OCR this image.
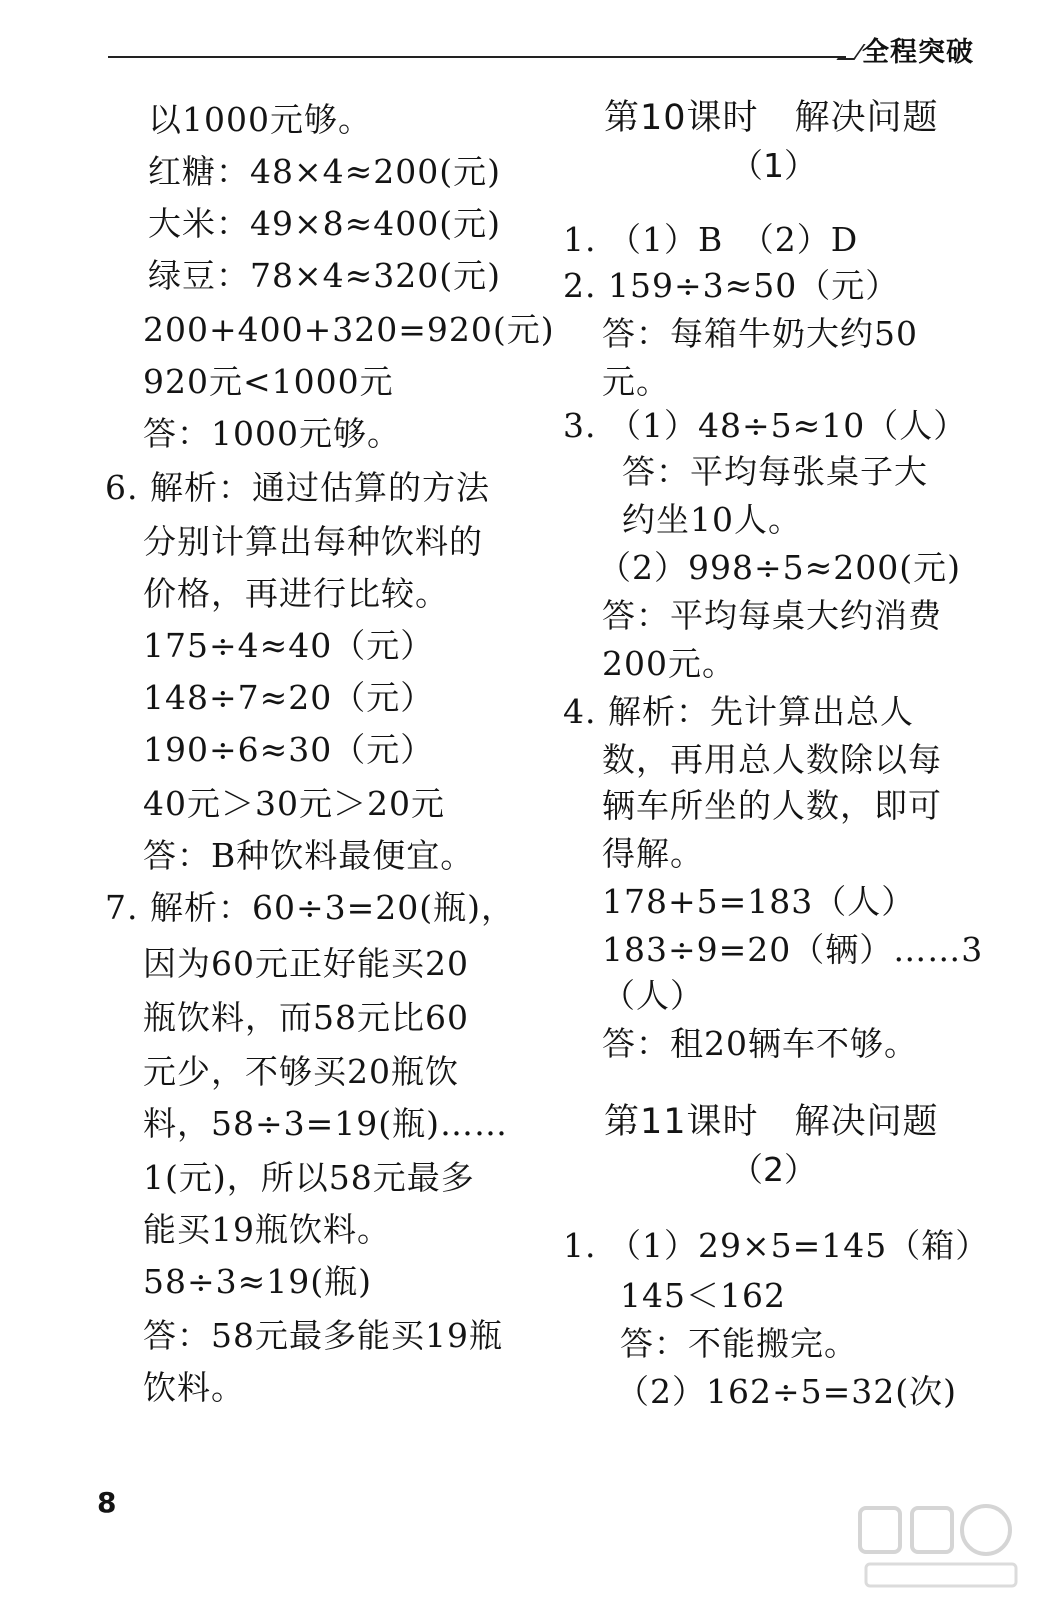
全程突破
以1000元够。
红糖：48×4≈200(元)
大米：49×8≈400(元)
绿豆：78×4≈320(元)
200+400+320=920(元)
920元<1000元
答：1000元够。
6. 解析：通过估算的方法
分别计算出每种饮料的
价格，再进行比较。
175÷4≈40（元）
148÷7≈20（元）
190÷6≈30（元）
40元＞30元＞20元
答：B种饮料最便宜。
7. 解析：60÷3=20(瓶)，
因为60元正好能买20
瓶饮料，而58元比60
元少，不够买20瓶饮
料，58÷3=19(瓶)……
1(元)，所以58元最多
能买19瓶饮料。
58÷3≈19(瓶)
答：58元最多能买19瓶
饮料。
第10课时　解决问题
（1）
1. （1）B　（2）D
2. 159÷3≈50（元）
答：每箱牛奶大约50
元。
3. （1）48÷5≈10（人）
答：平均每张桌子大
约坐10人。
（2）998÷5≈200(元)
答：平均每桌大约消费
200元。
4. 解析：先计算出总人
数，再用总人数除以每
辆车所坐的人数，即可
得解。
178+5=183（人）
183÷9=20（辆）……3
（人）
答：租20辆车不够。
第11课时　解决问题
（2）
1. （1）29×5=145（箱）
145＜162
答：不能搬完。
（2）162÷5=32(次)
8
